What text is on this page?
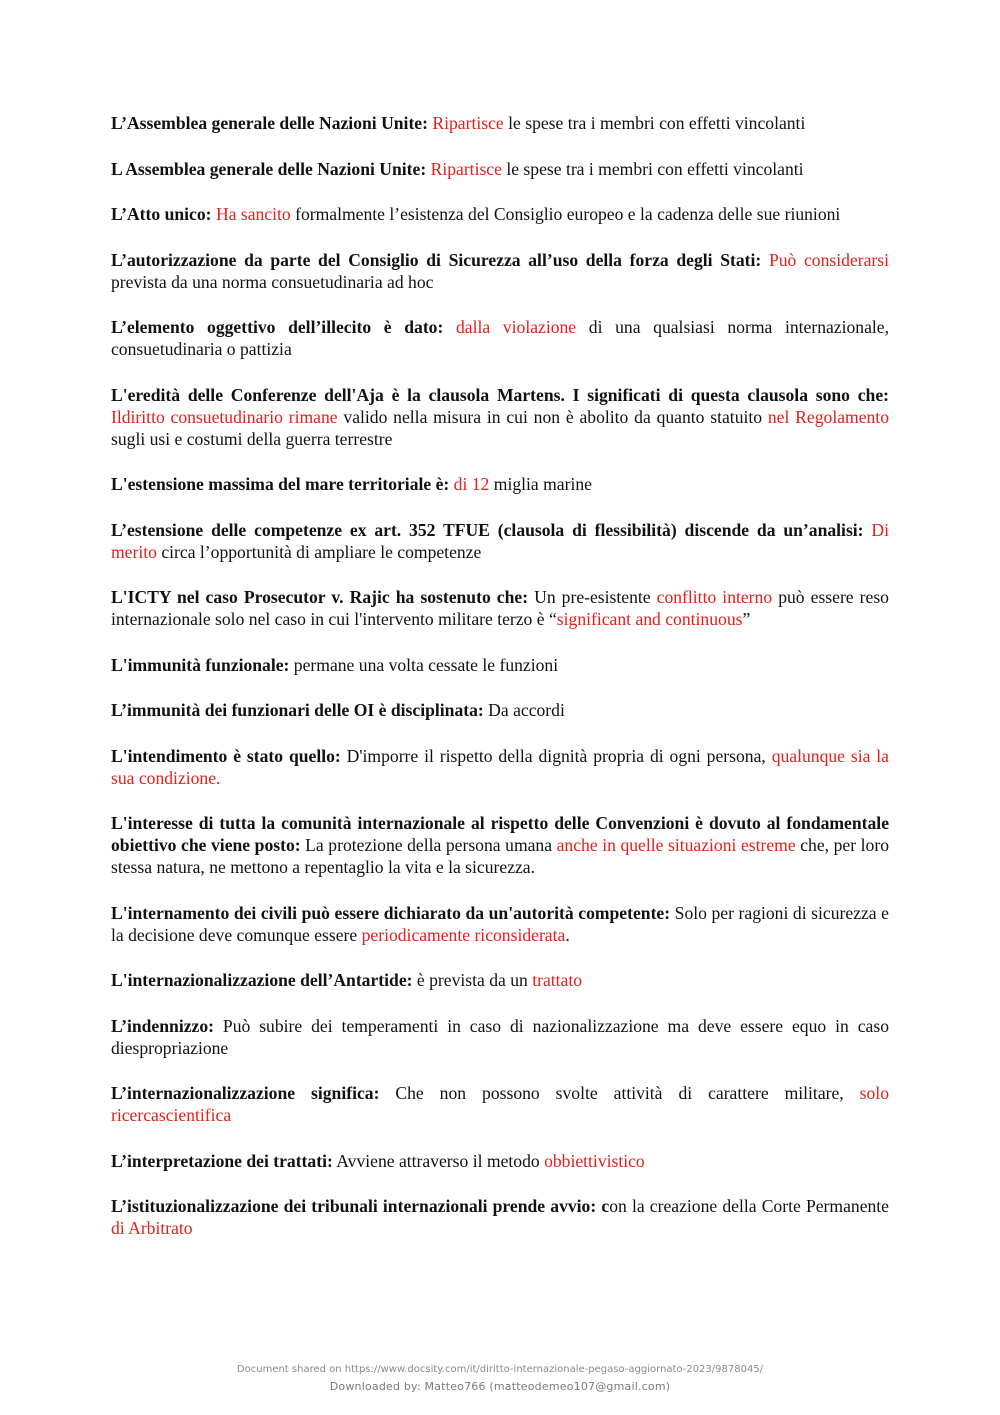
L’Assemblea generale delle Nazioni Unite: Ripartisce le spese tra i membri con effetti vincolanti

L Assemblea generale delle Nazioni Unite: Ripartisce le spese tra i membri con effetti vincolanti

L’Atto unico: Ha sancito formalmente l’esistenza del Consiglio europeo e la cadenza delle sue riunioni

L’autorizzazione da parte del Consiglio di Sicurezza all’uso della forza degli Stati: Può considerarsi prevista da una norma consuetudinaria ad hoc

L’elemento oggettivo dell’illecito è dato: dalla violazione di una qualsiasi norma internazionale, consuetudinaria o pattizia

L'eredità delle Conferenze dell'Aja è la clausola Martens. I significati di questa clausola sono che: Ildiritto consuetudinario rimane valido nella misura in cui non è abolito da quanto statuito nel Regolamento sugli usi e costumi della guerra terrestre

L'estensione massima del mare territoriale è: di 12 miglia marine

L’estensione delle competenze ex art. 352 TFUE (clausola di flessibilità) discende da un’analisi: Di merito circa l’opportunità di ampliare le competenze

L'ICTY nel caso Prosecutor v. Rajic ha sostenuto che: Un pre-esistente conflitto interno può essere reso internazionale solo nel caso in cui l'intervento militare terzo è “significant and continuous”

L'immunità funzionale: permane una volta cessate le funzioni

L’immunità dei funzionari delle OI è disciplinata: Da accordi

L'intendimento è stato quello: D'imporre il rispetto della dignità propria di ogni persona, qualunque sia la sua condizione.

L'interesse di tutta la comunità internazionale al rispetto delle Convenzioni è dovuto al fondamentale obiettivo che viene posto: La protezione della persona umana anche in quelle situazioni estreme che, per loro stessa natura, ne mettono a repentaglio la vita e la sicurezza.

L'internamento dei civili può essere dichiarato da un'autorità competente: Solo per ragioni di sicurezza e la decisione deve comunque essere periodicamente riconsiderata.

L'internazionalizzazione dell’Antartide: è prevista da un trattato

L’indennizzo: Può subire dei temperamenti in caso di nazionalizzazione ma deve essere equo in caso diespropriazione

L’internazionalizzazione significa: Che non possono svolte attività di carattere militare, solo ricercascientifica

L’interpretazione dei trattati: Avviene attraverso il metodo obbiettivistico

L’istituzionalizzazione dei tribunali internazionali prende avvio: con la creazione della Corte Permanente di Arbitrato

Document shared on https://www.docsity.com/it/diritto-internazionale-pegaso-aggiornato-2023/9878045/
Downloaded by: Matteo766 (matteodemeo107@gmail.com)
